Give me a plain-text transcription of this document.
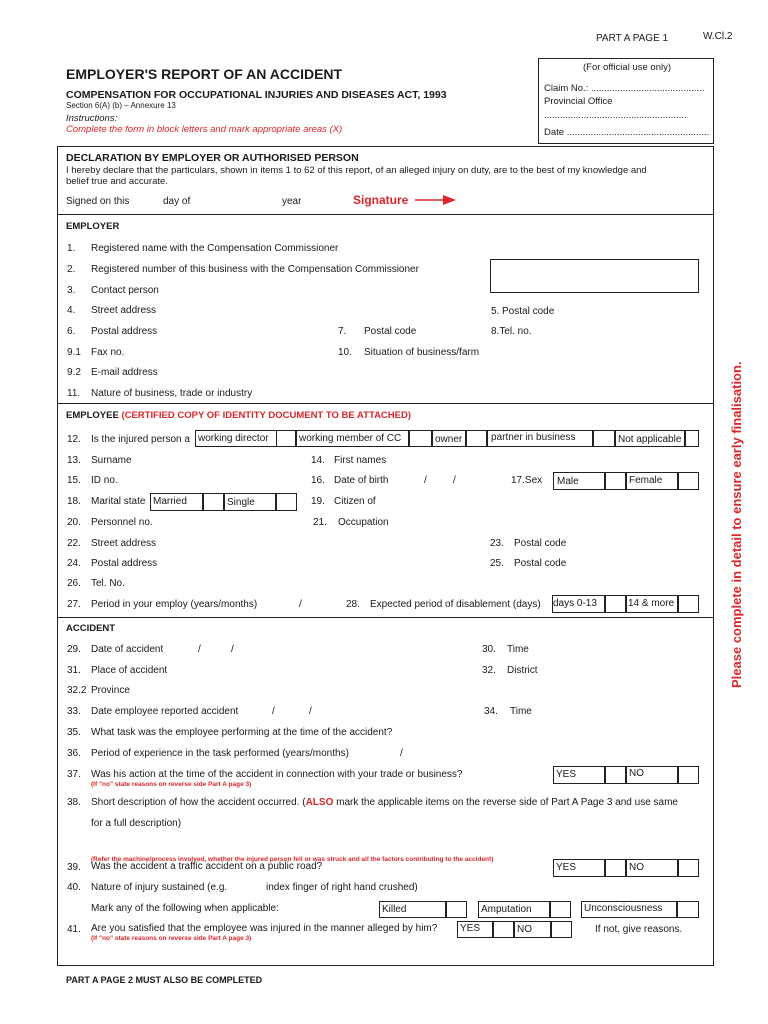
PART A PAGE 1	W.Cl.2
EMPLOYER'S REPORT OF AN ACCIDENT
COMPENSATION FOR OCCUPATIONAL INJURIES AND DISEASES ACT, 1993
Section 6(A) (b) – Annexure 13
Instructions:
Complete the form in block letters and mark appropriate areas (X)
(For official use only)
Claim No.: ...........................................
Provincial Office
......................................................
Date ......................................................
DECLARATION BY EMPLOYER OR AUTHORISED PERSON
I hereby declare that the particulars, shown in items 1 to 62 of this report, of an alleged injury on duty, are to the best of my knowledge and
belief true and accurate.
Signed on this	day of	year	Signature
EMPLOYER
1. Registered name with the Compensation Commissioner
2. Registered number of this business with the Compensation Commissioner
3. Contact person
4. Street address	5. Postal code
6. Postal address	7. Postal code	8.Tel. no.
9.1 Fax no.	10. Situation of business/farm
9.2 E-mail address
11. Nature of business, trade or industry
EMPLOYEE (CERTIFIED COPY OF IDENTITY DOCUMENT TO BE ATTACHED)
12. Is the injured person a working director	working member of CC	owner	partner in business	Not applicable
13. Surname	14. First names
15. ID no.	16. Date of birth	/	/	17.Sex Male	Female
18. Marital state Married	Single	19. Citizen of
20. Personnel no.	21. Occupation
22. Street address	23. Postal code
24. Postal address	25. Postal code
26. Tel. No.
27. Period in your employ (years/months)	/	28. Expected period of disablement (days) 0-13 days	14 & more
ACCIDENT
29. Date of accident	/	/	30. Time
31. Place of accident	32. District
32.2 Province
33. Date employee reported accident	/	/	34. Time
35. What task was the employee performing at the time of the accident?
36. Period of experience in the task performed (years/months)	/
37. Was his action at the time of the accident in connection with your trade or business?
(If "no" state reasons on reverse side Part A page 3)
YES	NO
38. Short description of how the accident occurred. (ALSO mark the applicable items on the reverse side of Part A Page 3 and use same
for a full description)
39. Was the accident a traffic accident on a public road?
(Refer the machine/process involved, whether the injured person fell or was struck and all the factors contributing to the accident)
YES	NO
40. Nature of injury sustained (e.g.	index finger of right hand crushed)
Mark any of the following when applicable:	Killed	Amputation	Unconsciousness
41. Are you satisfied that the employee was injured in the manner alleged by him?
(If "no" state reasons on reverse side Part A page 3)
YES	NO	If not, give reasons.
PART A PAGE 2 MUST ALSO BE COMPLETED
Please complete in detail to ensure early finalisation.
